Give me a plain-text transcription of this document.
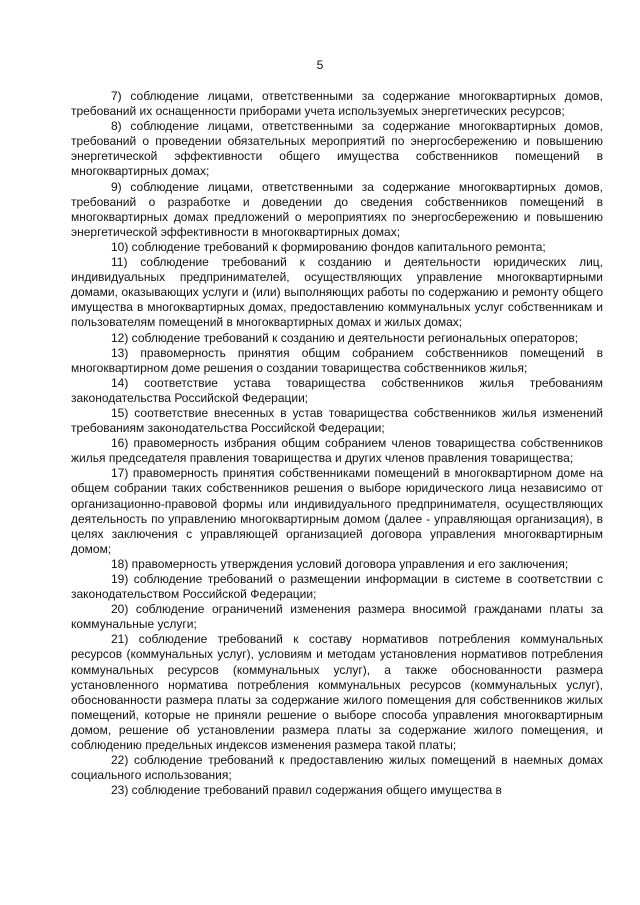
5

7) соблюдение лицами, ответственными за содержание многоквартирных домов, требований их оснащенности приборами учета используемых энергетических ресурсов;

8) соблюдение лицами, ответственными за содержание многоквартирных домов, требований о проведении обязательных мероприятий по энергосбережению и повышению энергетической эффективности общего имущества собственников помещений в многоквартирных домах;

9) соблюдение лицами, ответственными за содержание многоквартирных домов, требований о разработке и доведении до сведения собственников помещений в многоквартирных домах предложений о мероприятиях по энергосбережению и повышению энергетической эффективности в многоквартирных домах;

10) соблюдение требований к формированию фондов капитального ремонта;

11) соблюдение требований к созданию и деятельности юридических лиц, индивидуальных предпринимателей, осуществляющих управление многоквартирными домами, оказывающих услуги и (или) выполняющих работы по содержанию и ремонту общего имущества в многоквартирных домах, предоставлению коммунальных услуг собственникам и пользователям помещений в многоквартирных домах и жилых домах;

12) соблюдение требований к созданию и деятельности региональных операторов;

13) правомерность принятия общим собранием собственников помещений в многоквартирном доме решения о создании товарищества собственников жилья;

14) соответствие устава товарищества собственников жилья требованиям законодательства Российской Федерации;

15) соответствие внесенных в устав товарищества собственников жилья изменений требованиям законодательства Российской Федерации;

16) правомерность избрания общим собранием членов товарищества собственников жилья председателя правления товарищества и других членов правления товарищества;

17) правомерность принятия собственниками помещений в многоквартирном доме на общем собрании таких собственников решения о выборе юридического лица независимо от организационно-правовой формы или индивидуального предпринимателя, осуществляющих деятельность по управлению многоквартирным домом (далее - управляющая организация), в целях заключения с управляющей организацией договора управления многоквартирным домом;

18) правомерность утверждения условий договора управления и его заключения;

19) соблюдение требований о размещении информации в системе в соответствии с законодательством Российской Федерации;

20) соблюдение ограничений изменения размера вносимой гражданами платы за коммунальные услуги;

21) соблюдение требований к составу нормативов потребления коммунальных ресурсов (коммунальных услуг), условиям и методам установления нормативов потребления коммунальных ресурсов (коммунальных услуг), а также обоснованности размера установленного норматива потребления коммунальных ресурсов (коммунальных услуг), обоснованности размера платы за содержание жилого помещения для собственников жилых помещений, которые не приняли решение о выборе способа управления многоквартирным домом, решение об установлении размера платы за содержание жилого помещения, и соблюдению предельных индексов изменения размера такой платы;

22) соблюдение требований к предоставлению жилых помещений в наемных домах социального использования;

23) соблюдение требований правил содержания общего имущества в
